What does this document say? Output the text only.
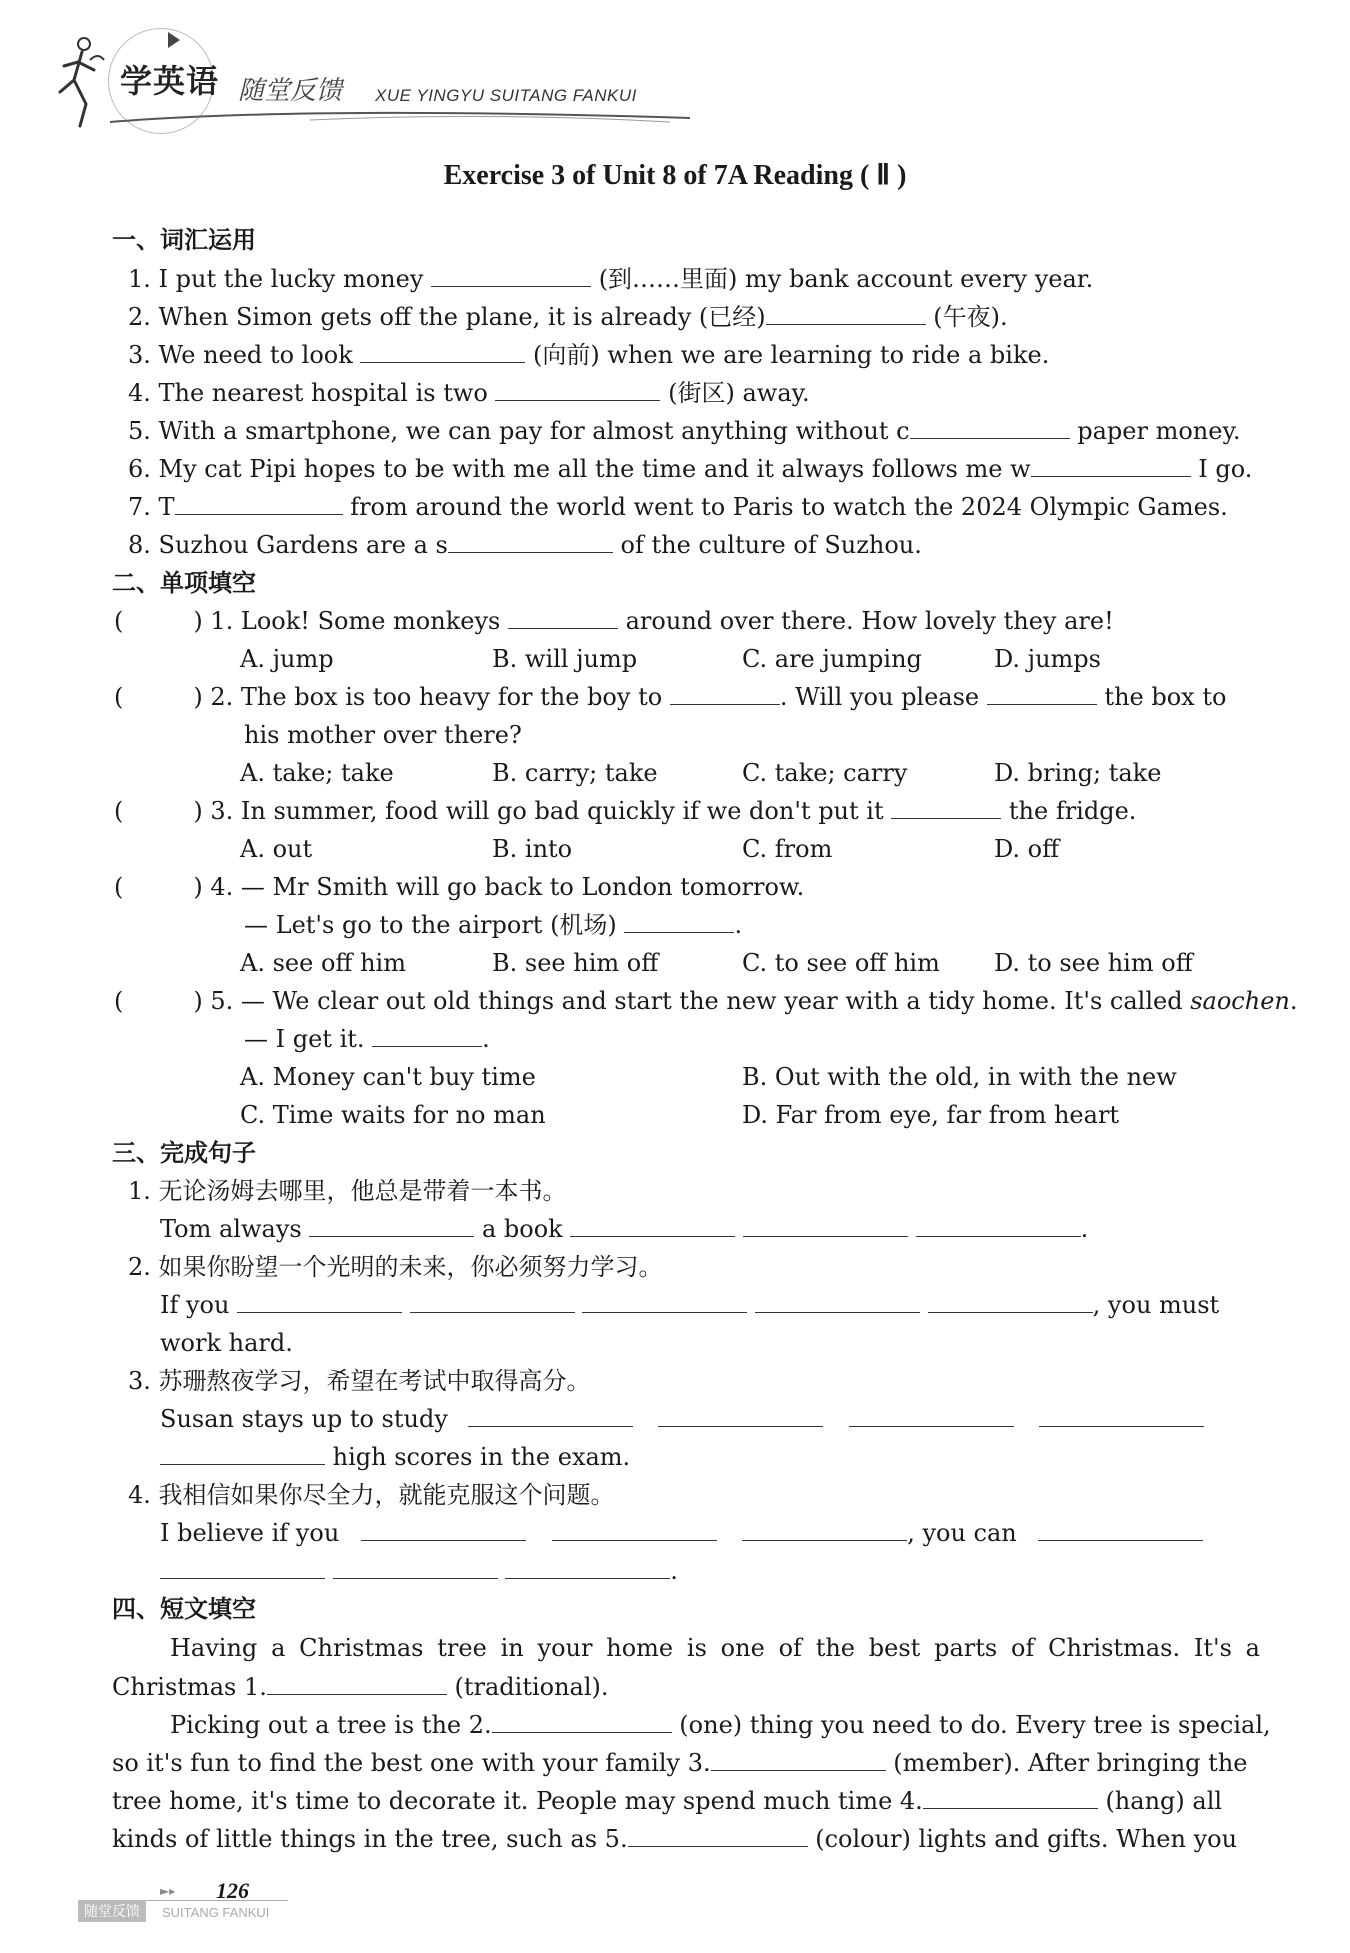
学英语 随堂反馈 XUE YINGYU SUITANG FANKUI
Exercise 3 of Unit 8 of 7A Reading ( Ⅱ )
一、词汇运用
1. I put the lucky money	(到……里面) my bank account every year.
2. When Simon gets off the plane, it is already (已经)	(午夜).
3. We need to look	(向前) when we are learning to ride a bike.
4. The nearest hospital is two	(街区) away.
5. With a smartphone, we can pay for almost anything without c	paper money.
6. My cat Pipi hopes to be with me all the time and it always follows me w	I go.
7. T	from around the world went to Paris to watch the 2024 Olympic Games.
8. Suzhou Gardens are a s	of the culture of Suzhou.
二、单项填空
(	) 1. Look! Some monkeys	around over there. How lovely they are!
A. jump	B. will jump	C. are jumping	D. jumps
(	) 2. The box is too heavy for the boy to	. Will you please	the box to
his mother over there?
A. take; take	B. carry; take	C. take; carry	D. bring; take
(	) 3. In summer, food will go bad quickly if we don't put it	the fridge.
A. out	B. into	C. from	D. off
(	) 4. — Mr Smith will go back to London tomorrow.
— Let's go to the airport (机场)	.
A. see off him	B. see him off	C. to see off him D. to see him off
(	) 5. — We clear out old things and start the new year with a tidy home. It's called saochen.
— I get it.	.
A. Money can't buy time	B. Out with the old, in with the new
C. Time waits for no man	D. Far from eye, far from heart
三、完成句子
1. 无论汤姆去哪里，他总是带着一本书。
Tom always	a book	.
2. 如果你盼望一个光明的未来，你必须努力学习。
If you	, you must
work hard.
3. 苏珊熬夜学习，希望在考试中取得高分。
Susan stays up to study
high scores in the exam.
4. 我相信如果你尽全力，就能克服这个问题。
I believe if you	, you can
.
四、短文填空
Having a Christmas tree in your home is one of the best parts of Christmas. It's a
Christmas 1.	(traditional).
Picking out a tree is the 2.	(one) thing you need to do. Every tree is special,
so it's fun to find the best one with your family 3.	(member). After bringing the
tree home, it's time to decorate it. People may spend much time 4.	(hang) all
kinds of little things in the tree, such as 5.	(colour) lights and gifts. When you
►▸ 126
随堂反馈	SUITANG FANKUI
